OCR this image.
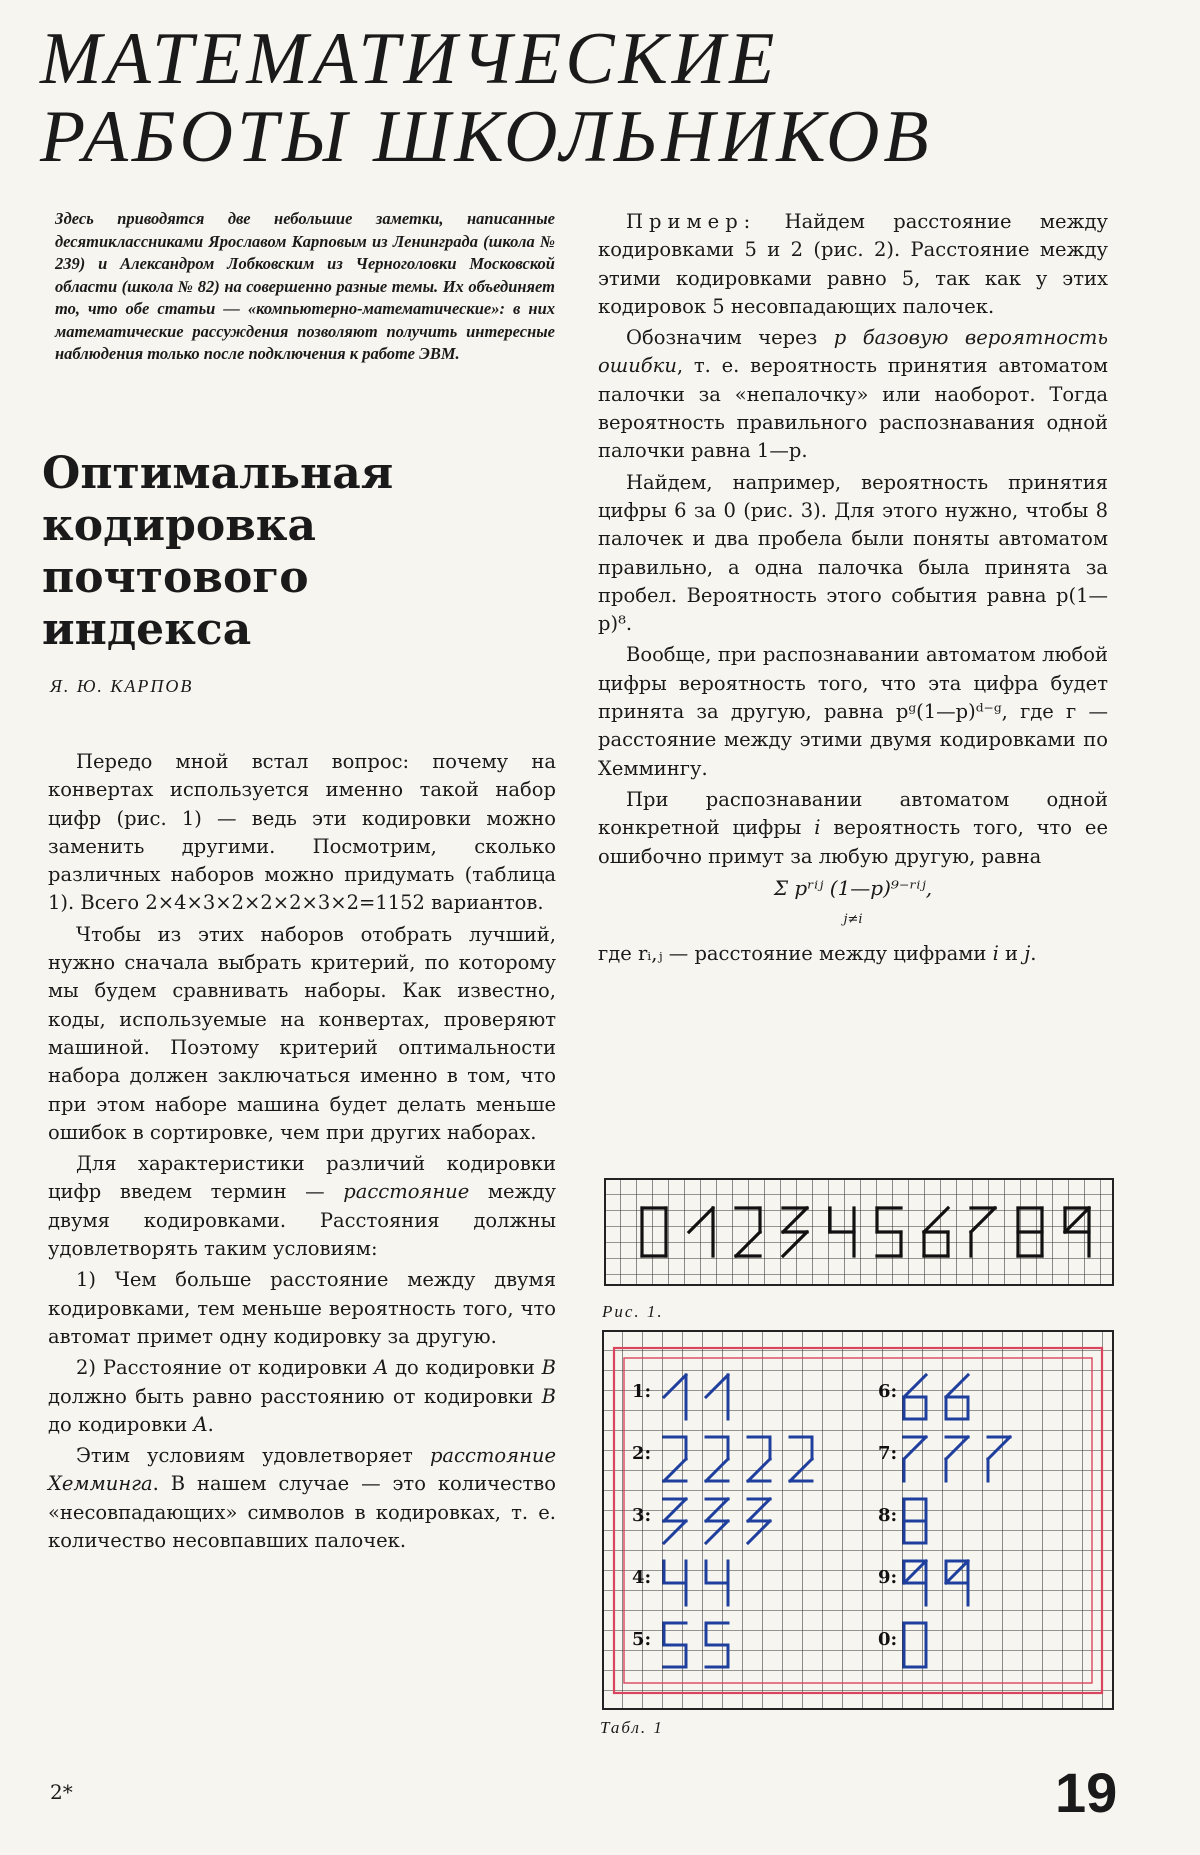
МАТЕМАТИЧЕСКИЕ
РАБОТЫ ШКОЛЬНИКОВ
Здесь приводятся две небольшие заметки, написанные десятиклассниками Ярославом Карповым из Ленинграда (школа № 239) и Александром Лобковским из Черноголовки Московской области (школа № 82) на совершенно разные темы. Их объединяет то, что обе статьи — «компьютерно-математические»: в них математические рассуждения позволяют получить интересные наблюдения только после подключения к работе ЭВМ.
Оптимальная
кодировка
почтового
индекса
Я. Ю. КАРПОВ

Передо мной встал вопрос: почему на конвертах используется именно такой набор цифр (рис. 1) — ведь эти кодировки можно заменить другими. Посмотрим, сколько различных наборов можно придумать (таблица 1). Всего 2×4×3×2×2×2×3×2=1152 вариантов.

Чтобы из этих наборов отобрать лучший, нужно сначала выбрать критерий, по которому мы будем сравнивать наборы. Как известно, коды, используемые на конвертах, проверяют машиной. Поэтому критерий оптимальности набора должен заключаться именно в том, что при этом наборе машина будет делать меньше ошибок в сортировке, чем при других наборах.

Для характеристики различий кодировки цифр введем термин — расстояние между двумя кодировками. Расстояния должны удовлетворять таким условиям:

1) Чем больше расстояние между двумя кодировками, тем меньше вероятность того, что автомат примет одну кодировку за другую.

2) Расстояние от кодировки A до кодировки B должно быть равно расстоянию от кодировки B до кодировки A.

Этим условиям удовлетворяет расстояние Хемминга. В нашем случае — это количество «несовпадающих» символов в кодировках, т. е. количество несовпавших палочек.

Пример: Найдем расстояние между кодировками 5 и 2 (рис. 2). Расстояние между этими кодировками равно 5, так как у этих кодировок 5 несовпадающих палочек.

Обозначим через p базовую вероятность ошибки, т. е. вероятность принятия автоматом палочки за «непалочку» или наоборот. Тогда вероятность правильного распознавания одной палочки равна 1—p.

Найдем, например, вероятность принятия цифры 6 за 0 (рис. 3). Для этого нужно, чтобы 8 палочек и два пробела были поняты автоматом правильно, а одна палочка была принята за пробел. Вероятность этого события равна p(1—p)⁸.

Вообще, при распознавании автоматом любой цифры вероятность того, что эта цифра будет принята за другую, равна pᵍ(1—p)ᵈ⁻ᵍ, где г — расстояние между этими двумя кодировками по Хеммингу.

При распознавании автоматом одной конкретной цифры i вероятность того, что ее ошибочно примут за любую другую, равна

Σ pʳⁱʲ (1—p)⁹⁻ʳⁱʲ,
j≠i

где rᵢ,ⱼ — расстояние между цифрами i и j.

Рис. 1.
1:
2:
3:
4:
5:
6:
7:
8:
9:
0:
Табл. 1
2*	19
